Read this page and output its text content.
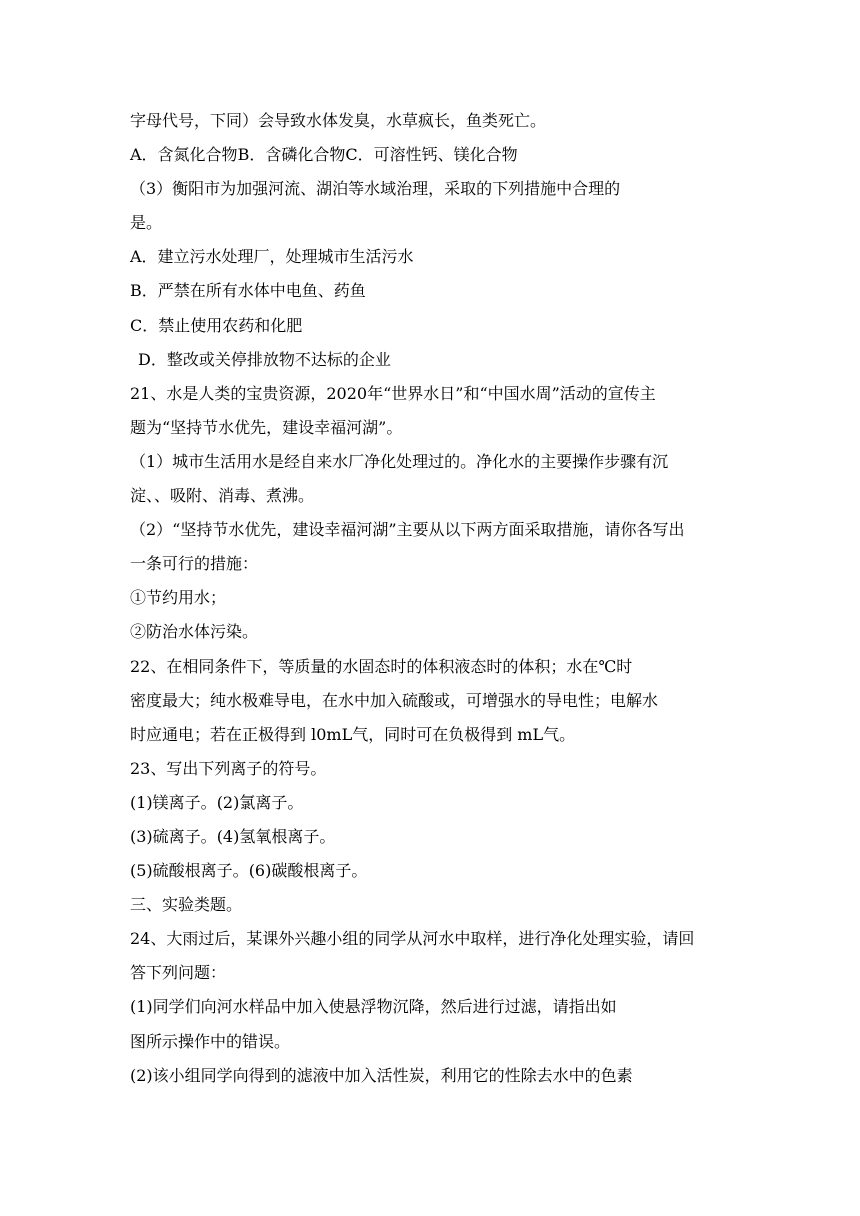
字母代号，下同）会导致水体发臭，水草疯长，鱼类死亡。
A．含氮化合物B．含磷化合物C．可溶性钙、镁化合物
（3）衡阳市为加强河流、湖泊等水域治理，采取的下列措施中合理的
是。
A．建立污水处理厂，处理城市生活污水
B．严禁在所有水体中电鱼、药鱼
C．禁止使用农药和化肥
D．整改或关停排放物不达标的企业
21、水是人类的宝贵资源，2020年“世界水日”和“中国水周”活动的宣传主
题为“坚持节水优先，建设幸福河湖”。
（1）城市生活用水是经自来水厂净化处理过的。净化水的主要操作步骤有沉
淀、、吸附、消毒、煮沸。
（2）“坚持节水优先，建设幸福河湖”主要从以下两方面采取措施，请你各写出
一条可行的措施：
①节约用水；
②防治水体污染。
22、在相同条件下，等质量的水固态时的体积液态时的体积；水在℃时
密度最大；纯水极难导电，在水中加入硫酸或，可增强水的导电性；电解水
时应通电；若在正极得到 l0mL气，同时可在负极得到 mL气。
23、写出下列离子的符号。
(1)镁离子。(2)氯离子。
(3)硫离子。(4)氢氧根离子。
(5)硫酸根离子。(6)碳酸根离子。
三、实验类题。
24、大雨过后，某课外兴趣小组的同学从河水中取样，进行净化处理实验，请回
答下列问题：
(1)同学们向河水样品中加入使悬浮物沉降，然后进行过滤，请指出如
图所示操作中的错误。
(2)该小组同学向得到的滤液中加入活性炭，利用它的性除去水中的色素
